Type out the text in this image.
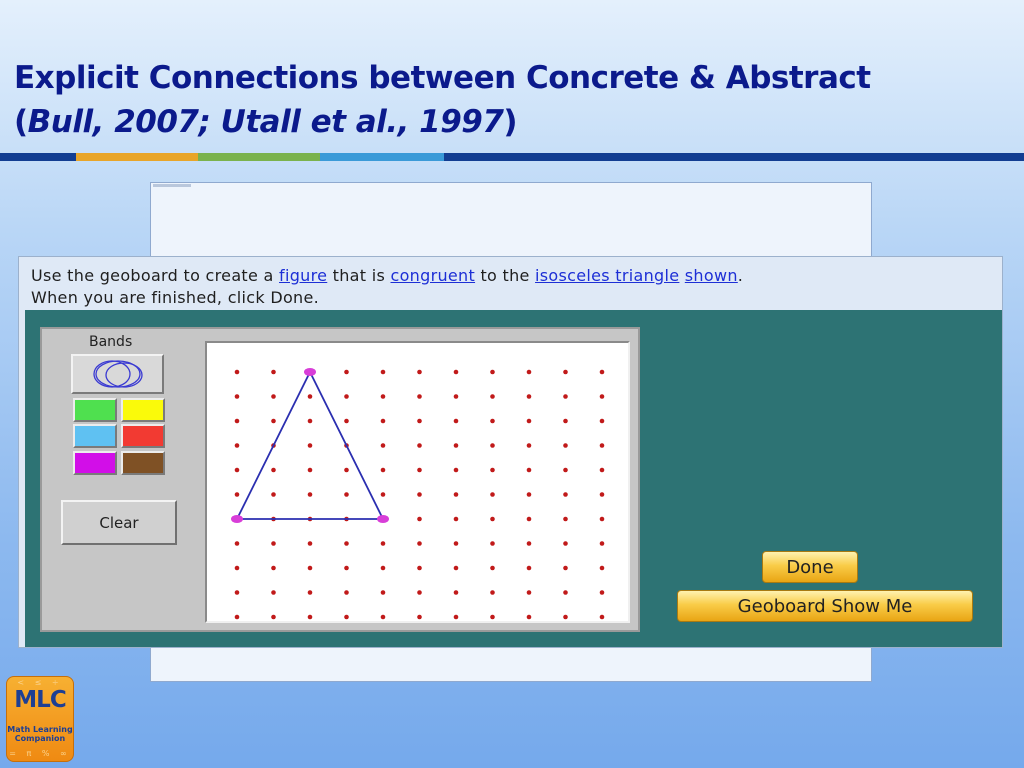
Explicit Connections between Concrete & Abstract
(Bull, 2007; Utall et al., 1997)

Use the geoboard to create a figure that is congruent to the isosceles triangle shown.
When you are finished, click Done.

Bands
Clear
Done
Geoboard Show Me
< ≤ ÷
MLC
Math Learning
Companion
= π % ∞
